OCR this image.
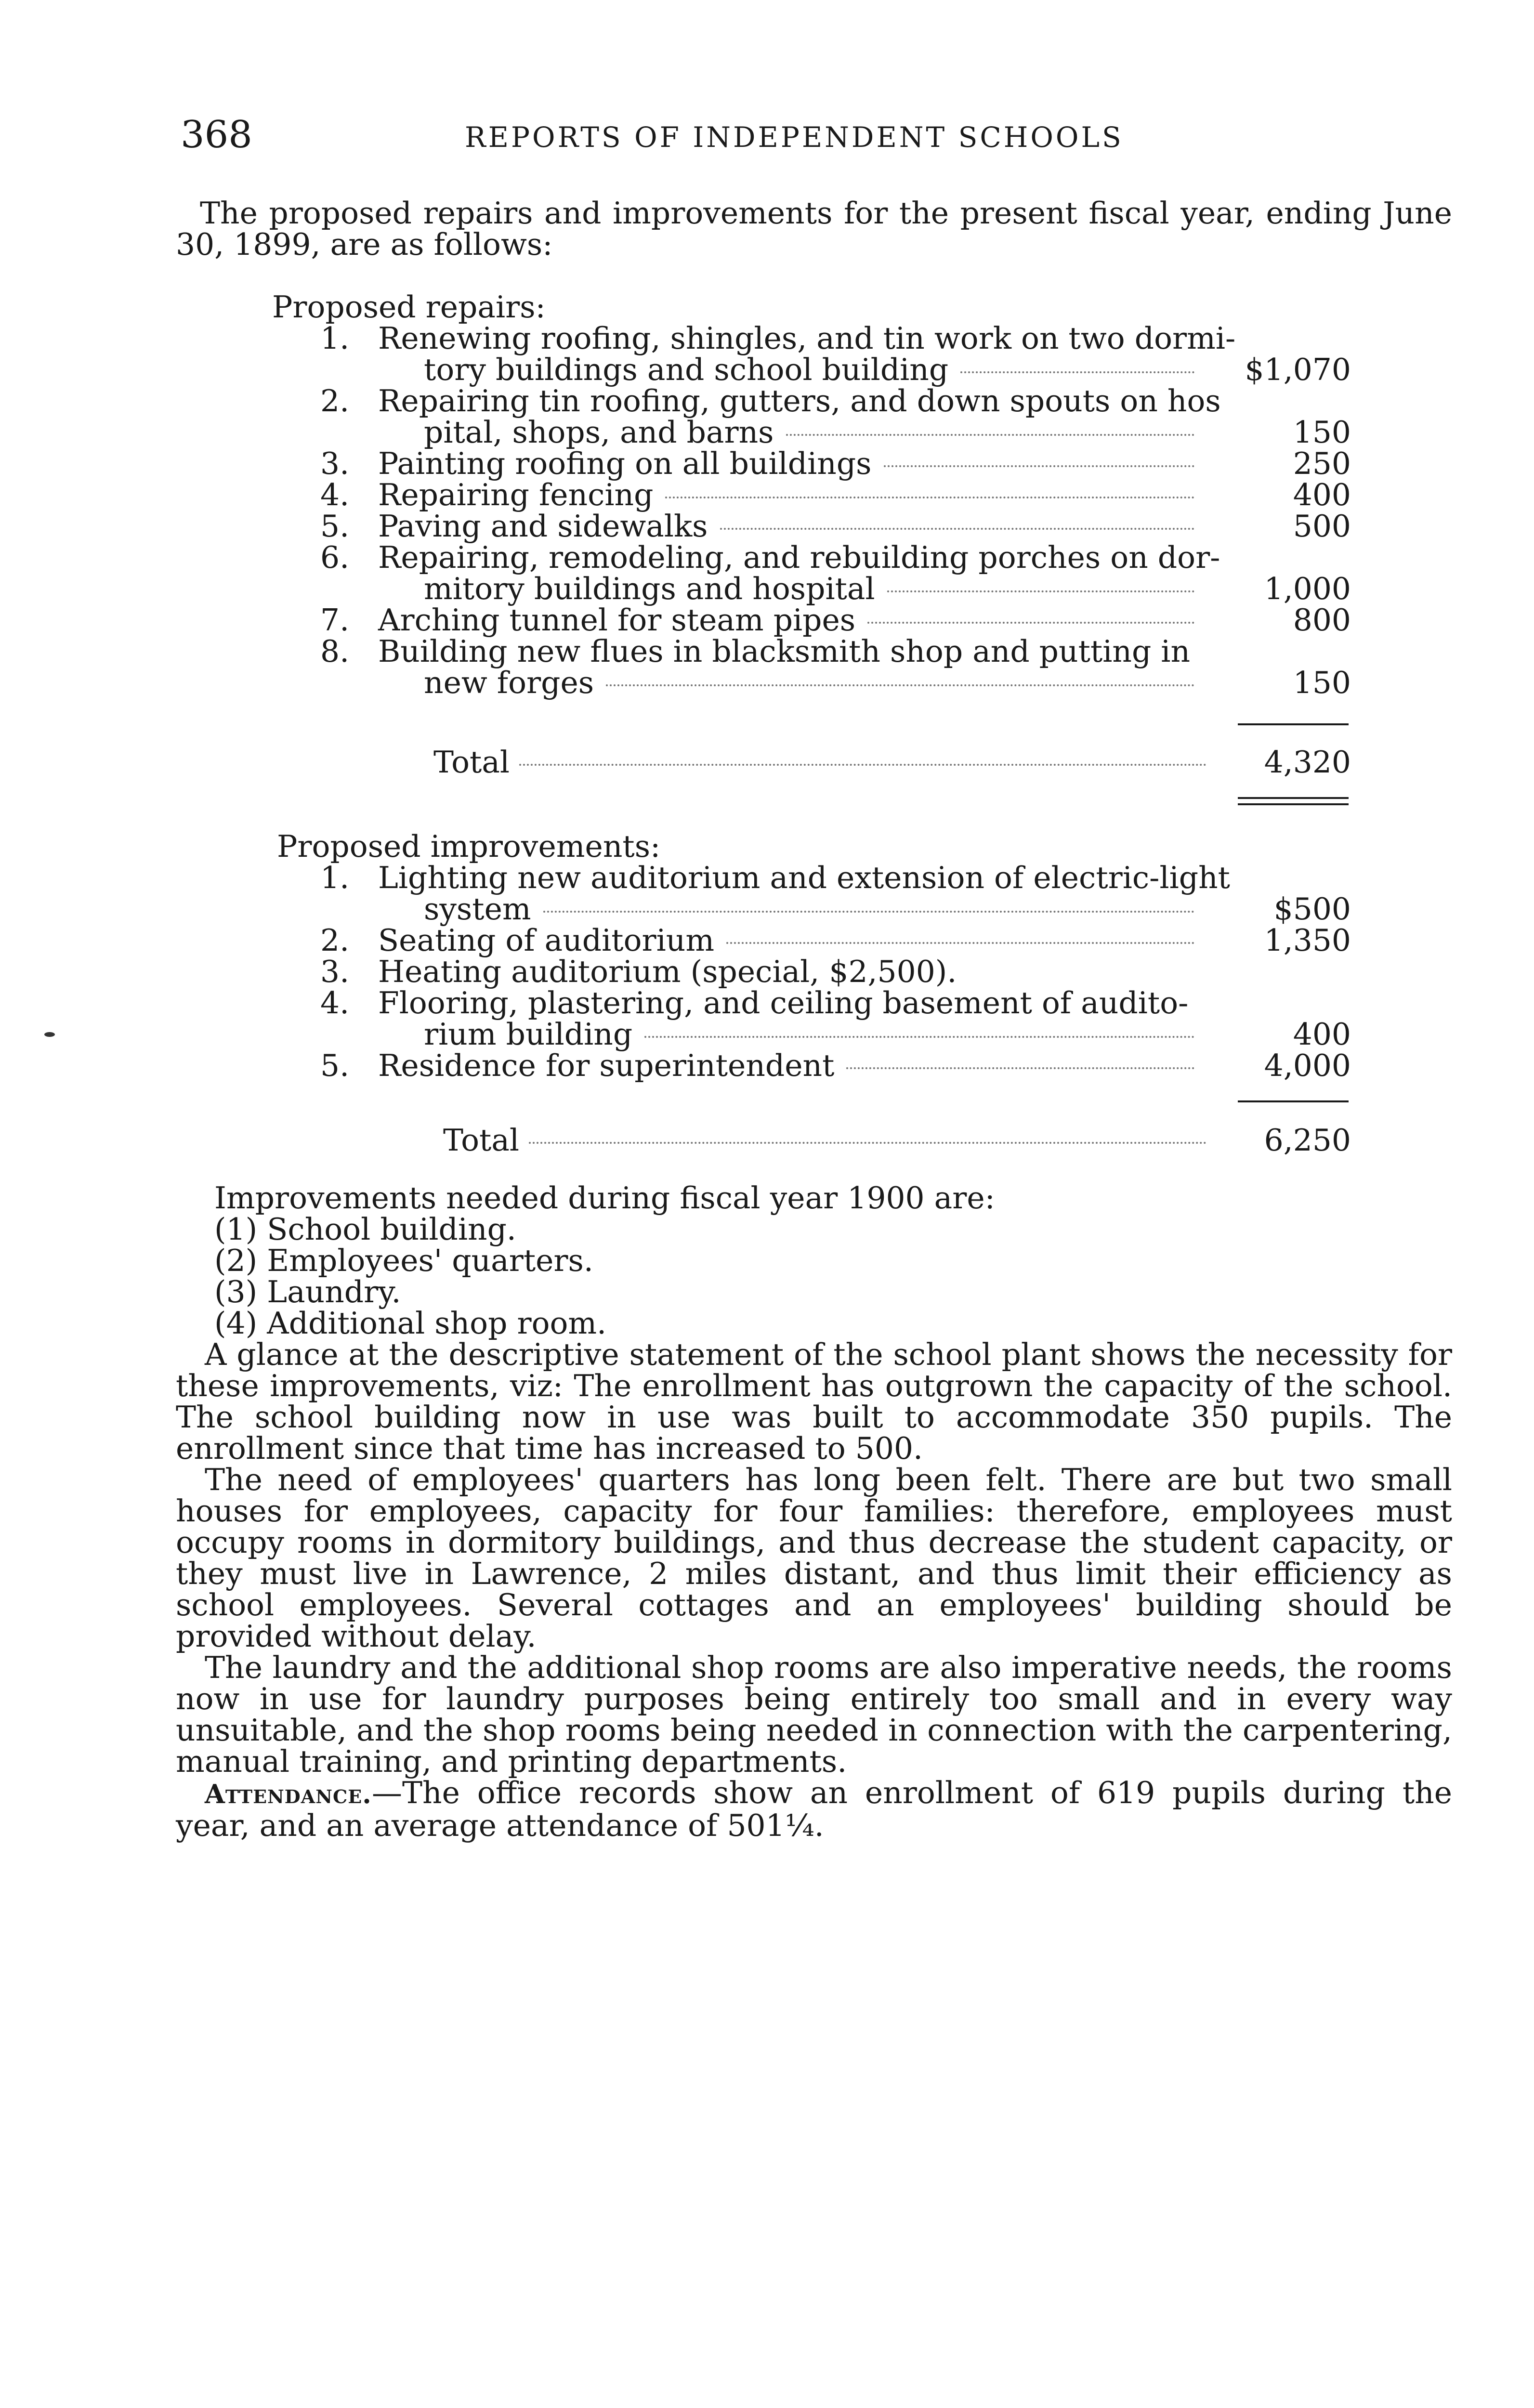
368	REPORTS OF INDEPENDENT SCHOOLS

The proposed repairs and improvements for the present fiscal year, ending June 30, 1899, are as follows:

Proposed repairs:
1. Renewing roofing, shingles, and tin work on two dormi-
tory buildings and school building	$1,070
2. Repairing tin roofing, gutters, and down spouts on hos
pital, shops, and barns	150
3. Painting roofing on all buildings	250
4. Repairing fencing	400
5. Paving and sidewalks	500
6. Repairing, remodeling, and rebuilding porches on dor-
mitory buildings and hospital	1,000
7. Arching tunnel for steam pipes	800
8. Building new flues in blacksmith shop and putting in
new forges	150
Total	4,320
Proposed improvements:
1. Lighting new auditorium and extension of electric-light
system	$500
2. Seating of auditorium	1,350
3. Heating auditorium (special, $2,500).
4. Flooring, plastering, and ceiling basement of audito-
rium building	400
5. Residence for superintendent	4,000
Total	6,250
Improvements needed during fiscal year 1900 are:
(1) School building.
(2) Employees' quarters.
(3) Laundry.
(4) Additional shop room.

A glance at the descriptive statement of the school plant shows the necessity for these improvements, viz: The enrollment has outgrown the capacity of the school. The school building now in use was built to accommodate 350 pupils. The enrollment since that time has increased to 500.

The need of employees' quarters has long been felt. There are but two small houses for employees, capacity for four families: therefore, employees must occupy rooms in dormitory buildings, and thus decrease the student capacity, or they must live in Lawrence, 2 miles distant, and thus limit their efficiency as school employees. Several cottages and an employees' building should be provided without delay.

The laundry and the additional shop rooms are also imperative needs, the rooms now in use for laundry purposes being entirely too small and in every way unsuitable, and the shop rooms being needed in connection with the carpentering, manual training, and printing departments.

Attendance.—The office records show an enrollment of 619 pupils during the year, and an average attendance of 501¼.
